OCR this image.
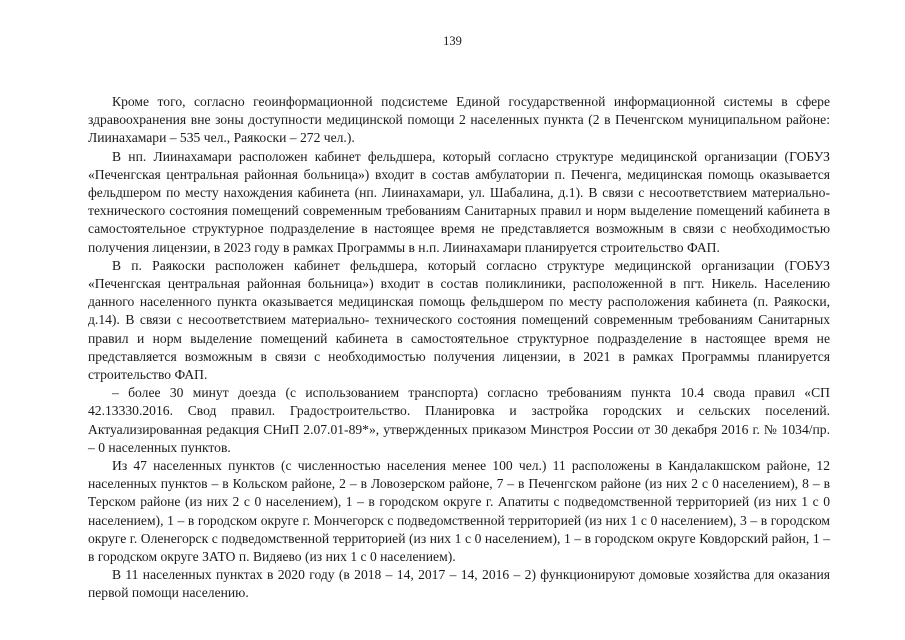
139

Кроме того, согласно геоинформационной подсистеме Единой государственной информационной системы в сфере здравоохранения вне зоны доступности медицинской помощи 2 населенных пункта (2 в Печенгском муниципальном районе: Лиинахамари – 535 чел., Раякоски – 272 чел.).

В нп. Лиинахамари расположен кабинет фельдшера, который согласно структуре медицинской организации (ГОБУЗ «Печенгская центральная районная больница») входит в состав амбулатории п. Печенга, медицинская помощь оказывается фельдшером по месту нахождения кабинета (нп. Лиинахамари, ул. Шабалина, д.1). В связи с несоответствием материально-технического состояния помещений современным требованиям Санитарных правил и норм выделение помещений кабинета в самостоятельное структурное подразделение в настоящее время не представляется возможным в связи с необходимостью получения лицензии, в 2023 году в рамках Программы в н.п. Лиинахамари планируется строительство ФАП.

В п. Раякоски расположен кабинет фельдшера, который согласно структуре медицинской организации (ГОБУЗ «Печенгская центральная районная больница») входит в состав поликлиники, расположенной в пгт. Никель. Населению данного населенного пункта оказывается медицинская помощь фельдшером по месту расположения кабинета (п. Раякоски, д.14). В связи с несоответствием материально- технического состояния помещений современным требованиям Санитарных правил и норм выделение помещений кабинета в самостоятельное структурное подразделение в настоящее время не представляется возможным в связи с необходимостью получения лицензии, в 2021 в рамках Программы планируется строительство ФАП.

– более 30 минут доезда (с использованием транспорта) согласно требованиям пункта 10.4 свода правил «СП 42.13330.2016. Свод правил. Градостроительство. Планировка и застройка городских и сельских поселений. Актуализированная редакция СНиП 2.07.01-89*», утвержденных приказом Минстроя России от 30 декабря 2016 г. № 1034/пр. – 0 населенных пунктов.

Из 47 населенных пунктов (с численностью населения менее 100 чел.) 11 расположены в Кандалакшском районе, 12 населенных пунктов – в Кольском районе, 2 – в Ловозерском районе, 7 – в Печенгском районе (из них 2 с 0 населением), 8 – в Терском районе (из них 2 с 0 населением), 1 – в городском округе г. Апатиты с подведомственной территорией (из них 1 с 0 населением), 1 – в городском округе г. Мончегорск с подведомственной территорией (из них 1 с 0 населением), 3 – в городском округе г. Оленегорск с подведомственной территорией (из них 1 с 0 населением), 1 – в городском округе Ковдорский район, 1 – в городском округе ЗАТО п. Видяево (из них 1 с 0 населением).

В 11 населенных пунктах в 2020 году (в 2018 – 14, 2017 – 14, 2016 – 2) функционируют домовые хозяйства для оказания первой помощи населению.
